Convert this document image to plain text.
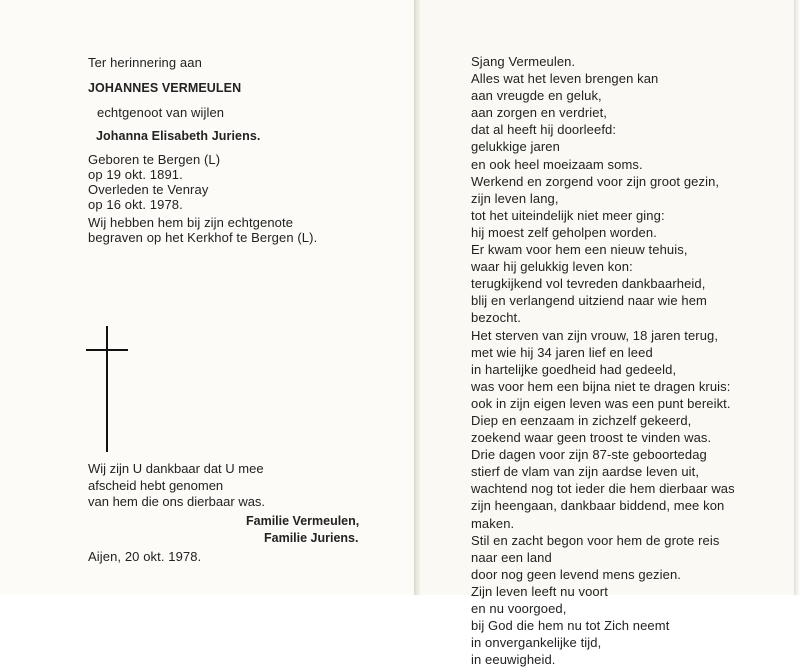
Ter herinnering aan
JOHANNES VERMEULEN
echtgenoot van wijlen
Johanna Elisabeth Juriens.
Geboren te Bergen (L)
op 19 okt. 1891.
Overleden te Venray
op 16 okt. 1978.
Wij hebben hem bij zijn echtgenote
begraven op het Kerkhof te Bergen (L).
Wij zijn U dankbaar dat U mee
afscheid hebt genomen
van hem die ons dierbaar was.
Familie Vermeulen,
Familie Juriens.
Aijen, 20 okt. 1978.
Sjang Vermeulen.
Alles wat het leven brengen kan
aan vreugde en geluk,
aan zorgen en verdriet,
dat al heeft hij doorleefd:
gelukkige jaren
en ook heel moeizaam soms.
Werkend en zorgend voor zijn groot gezin,
zijn leven lang,
tot het uiteindelijk niet meer ging:
hij moest zelf geholpen worden.
Er kwam voor hem een nieuw tehuis,
waar hij gelukkig leven kon:
terugkijkend vol tevreden dankbaarheid,
blij en verlangend uitziend naar wie hem
bezocht.
Het sterven van zijn vrouw, 18 jaren terug,
met wie hij 34 jaren lief en leed
in hartelijke goedheid had gedeeld,
was voor hem een bijna niet te dragen kruis:
ook in zijn eigen leven was een punt bereikt.
Diep en eenzaam in zichzelf gekeerd,
zoekend waar geen troost te vinden was.
Drie dagen voor zijn 87-ste geboortedag
stierf de vlam van zijn aardse leven uit,
wachtend nog tot ieder die hem dierbaar was
zijn heengaan, dankbaar biddend, mee kon
maken.
Stil en zacht begon voor hem de grote reis
naar een land
door nog geen levend mens gezien.
Zijn leven leeft nu voort
en nu voorgoed,
bij God die hem nu tot Zich neemt
in onvergankelijke tijd,
in eeuwigheid.
